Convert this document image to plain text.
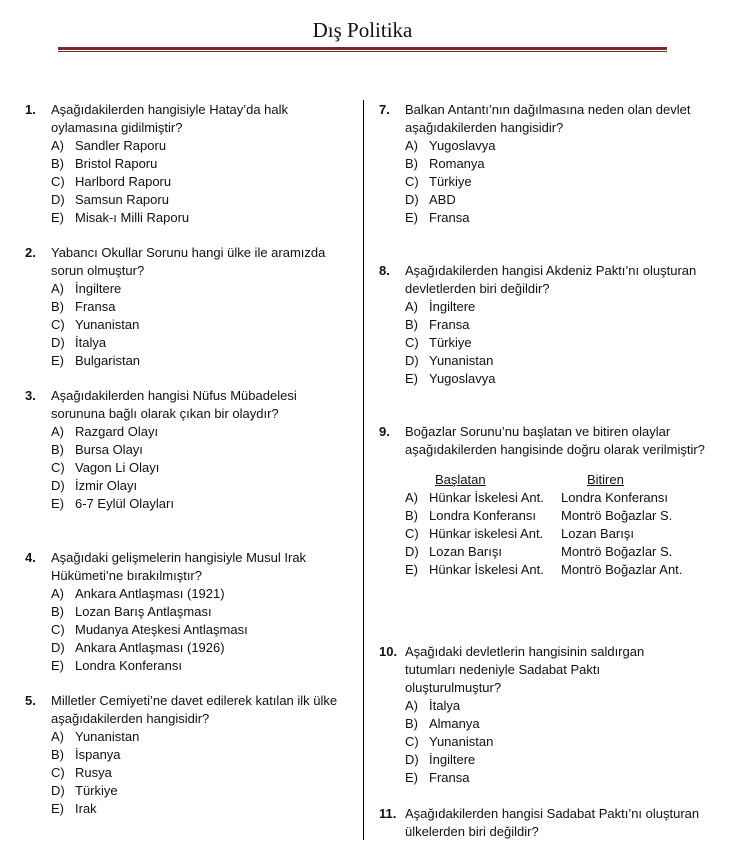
Dış Politika
1.	Aşağıdakilerden hangisiyle Hatay’da halk oylamasına gidilmiştir?
A) Sandler Raporu
B) Bristol Raporu
C) Harlbord Raporu
D) Samsun Raporu
E) Misak-ı Milli Raporu
2.	Yabancı Okullar Sorunu hangi ülke ile aramızda sorun olmuştur?
A) İngiltere
B) Fransa
C) Yunanistan
D) İtalya
E) Bulgaristan
3.	Aşağıdakilerden hangisi Nüfus Mübadelesi sorununa bağlı olarak çıkan bir olaydır?
A) Razgard Olayı
B) Bursa Olayı
C) Vagon Li Olayı
D) İzmir Olayı
E) 6-7 Eylül Olayları
4.	Aşağıdaki gelişmelerin hangisiyle Musul Irak Hükümeti’ne bırakılmıştır?
A) Ankara Antlaşması (1921)
B) Lozan Barış Antlaşması
C) Mudanya Ateşkesi Antlaşması
D) Ankara Antlaşması (1926)
E) Londra Konferansı
5.	Milletler Cemiyeti’ne davet edilerek katılan ilk ülke aşağıdakilerden hangisidir?
A) Yunanistan
B) İspanya
C) Rusya
D) Türkiye
E) Irak
7.	Balkan Antantı’nın dağılmasına neden olan devlet aşağıdakilerden hangisidir?
A) Yugoslavya
B) Romanya
C) Türkiye
D) ABD
E) Fransa
8.	Aşağıdakilerden hangisi Akdeniz Paktı’nı oluşturan devletlerden biri değildir?
A) İngiltere
B) Fransa
C) Türkiye
D) Yunanistan
E) Yugoslavya
9.	Boğazlar Sorunu’nu başlatan ve bitiren olaylar aşağıdakilerden hangisinde doğru olarak verilmiştir?
Başlatan	Bitiren
A) Hünkar İskelesi Ant.	Londra Konferansı
B) Londra Konferansı	Montrö Boğazlar S.
C) Hünkar iskelesi Ant.	Lozan Barışı
D) Lozan Barışı	Montrö Boğazlar S.
E) Hünkar İskelesi Ant.	Montrö Boğazlar Ant.
10. Aşağıdaki devletlerin hangisinin saldırgan tutumları nedeniyle Sadabat Paktı oluşturulmuştur?
A) İtalya
B) Almanya
C) Yunanistan
D) İngiltere
E) Fransa
11. Aşağıdakilerden hangisi Sadabat Paktı’nı oluşturan ülkelerden biri değildir?
